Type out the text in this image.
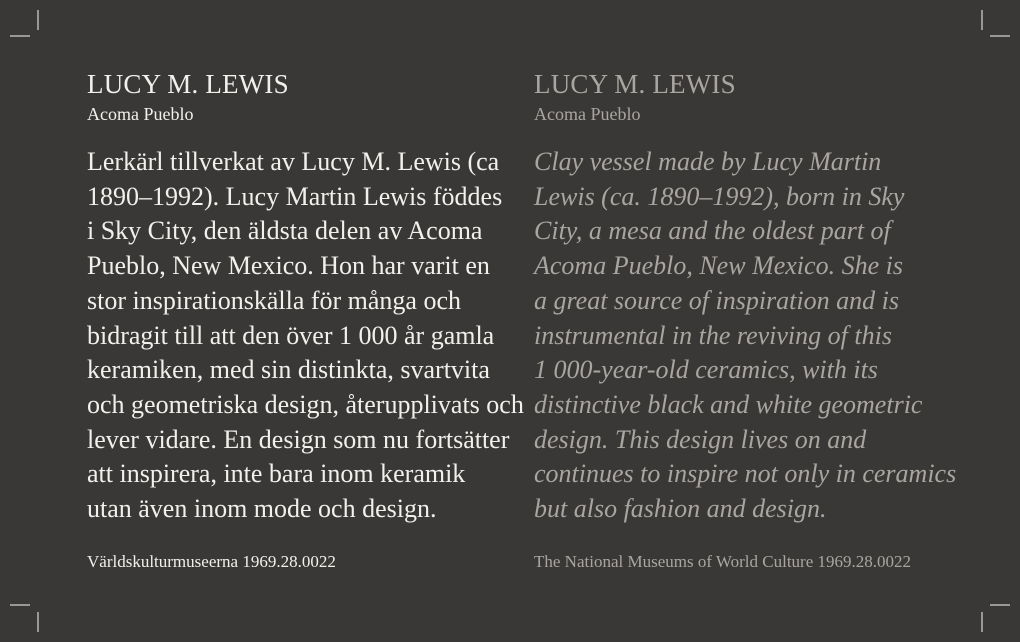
LUCY M. LEWIS

Acoma Pueblo

Lerkärl tillverkat av Lucy M. Lewis (ca
1890–1992). Lucy Martin Lewis föddes
i Sky City, den äldsta delen av Acoma
Pueblo, New Mexico. Hon har varit en
stor inspirationskälla för många och
bidragit till att den över 1 000 år gamla
keramiken, med sin distinkta, svartvita
och geometriska design, återupplivats och
lever vidare. En design som nu fortsätter
att inspirera, inte bara inom keramik
utan även inom mode och design.

LUCY M. LEWIS

Acoma Pueblo

Clay vessel made by Lucy Martin
Lewis (ca. 1890–1992), born in Sky
City, a mesa and the oldest part of
Acoma Pueblo, New Mexico. She is
a great source of inspiration and is
instrumental in the reviving of this
1 000-year-old ceramics, with its
distinctive black and white geometric
design. This design lives on and
continues to inspire not only in ceramics
but also fashion and design.

Världskulturmuseerna 1969.28.0022	The National Museums of World Culture 1969.28.0022
